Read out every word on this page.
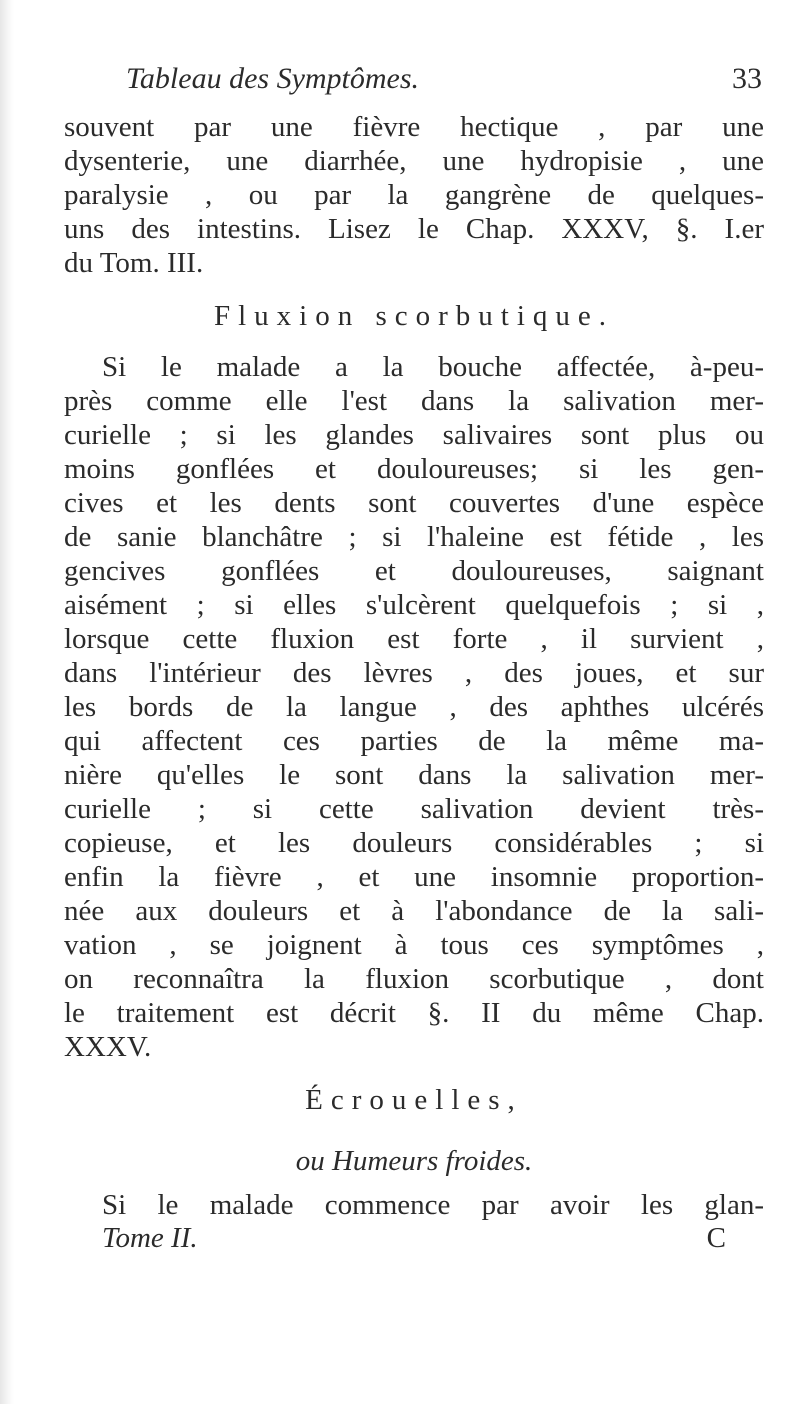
Tableau des Symptômes.	33
souvent par une fièvre hectique , par une
dysenterie, une diarrhée, une hydropisie , une
paralysie , ou par la gangrène de quelques-
uns des intestins. Lisez le Chap. XXXV, §. I.er
du Tom. III.
Fluxion scorbutique.
Si le malade a la bouche affectée, à-peu-
près comme elle l'est dans la salivation mer-
curielle ; si les glandes salivaires sont plus ou
moins gonflées et douloureuses; si les gen-
cives et les dents sont couvertes d'une espèce
de sanie blanchâtre ; si l'haleine est fétide , les
gencives gonflées et douloureuses, saignant
aisément ; si elles s'ulcèrent quelquefois ; si ,
lorsque cette fluxion est forte , il survient ,
dans l'intérieur des lèvres , des joues, et sur
les bords de la langue , des aphthes ulcérés
qui affectent ces parties de la même ma-
nière qu'elles le sont dans la salivation mer-
curielle ; si cette salivation devient très-
copieuse, et les douleurs considérables ; si
enfin la fièvre , et une insomnie proportion-
née aux douleurs et à l'abondance de la sali-
vation , se joignent à tous ces symptômes ,
on reconnaîtra la fluxion scorbutique , dont
le traitement est décrit §. II du même Chap.
XXXV.
Écrouelles,
ou Humeurs froides.
Si le malade commence par avoir les glan-
Tome II.	C
